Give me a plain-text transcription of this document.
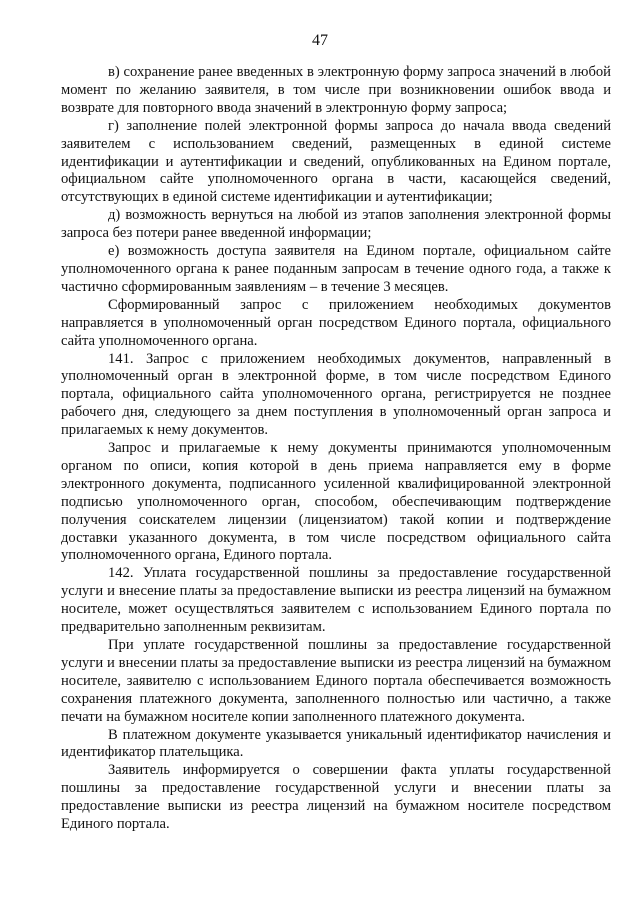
47

в) сохранение ранее введенных в электронную форму запроса значений в любой момент по желанию заявителя, в том числе при возникновении ошибок ввода и возврате для повторного ввода значений в электронную форму запроса;

г) заполнение полей электронной формы запроса до начала ввода сведений заявителем с использованием сведений, размещенных в единой системе идентификации и аутентификации и сведений, опубликованных на Едином портале, официальном сайте уполномоченного органа в части, касающейся сведений, отсутствующих в единой системе идентификации и аутентификации;

д) возможность вернуться на любой из этапов заполнения электронной формы запроса без потери ранее введенной информации;

е) возможность доступа заявителя на Едином портале, официальном сайте уполномоченного органа к ранее поданным запросам в течение одного года, а также к частично сформированным заявлениям – в течение 3 месяцев.

Сформированный запрос с приложением необходимых документов направляется в уполномоченный орган посредством Единого портала, официального сайта уполномоченного органа.

141. Запрос с приложением необходимых документов, направленный в уполномоченный орган в электронной форме, в том числе посредством Единого портала, официального сайта уполномоченного органа, регистрируется не позднее рабочего дня, следующего за днем поступления в уполномоченный орган запроса и прилагаемых к нему документов.

Запрос и прилагаемые к нему документы принимаются уполномоченным органом по описи, копия которой в день приема направляется ему в форме электронного документа, подписанного усиленной квалифицированной электронной подписью уполномоченного орган, способом, обеспечивающим подтверждение получения соискателем лицензии (лицензиатом) такой копии и подтверждение доставки указанного документа, в том числе посредством официального сайта уполномоченного органа, Единого портала.

142. Уплата государственной пошлины за предоставление государственной услуги и внесение платы за предоставление выписки из реестра лицензий на бумажном носителе, может осуществляться заявителем с использованием Единого портала по предварительно заполненным реквизитам.

При уплате государственной пошлины за предоставление государственной услуги и внесении платы за предоставление выписки из реестра лицензий на бумажном носителе, заявителю с использованием Единого портала обеспечивается возможность сохранения платежного документа, заполненного полностью или частично, а также печати на бумажном носителе копии заполненного платежного документа.

В платежном документе указывается уникальный идентификатор начисления и идентификатор плательщика.

Заявитель информируется о совершении факта уплаты государственной пошлины за предоставление государственной услуги и внесении платы за предоставление выписки из реестра лицензий на бумажном носителе посредством Единого портала.
